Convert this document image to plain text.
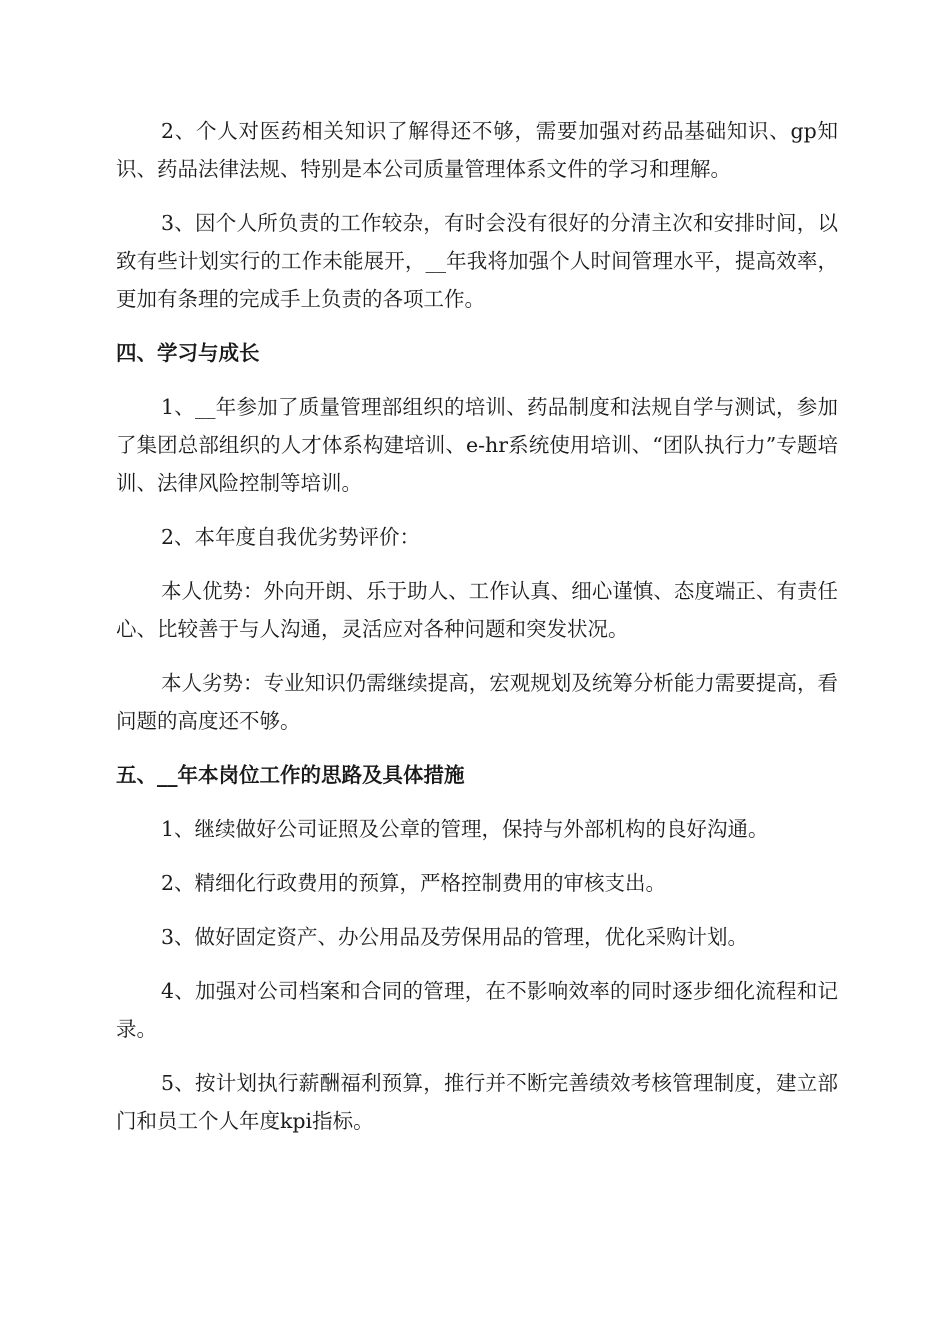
2、个人对医药相关知识了解得还不够，需要加强对药品基础知识、gp知识、药品法律法规、特别是本公司质量管理体系文件的学习和理解。

3、因个人所负责的工作较杂，有时会没有很好的分清主次和安排时间，以致有些计划实行的工作未能展开，__年我将加强个人时间管理水平，提高效率，更加有条理的完成手上负责的各项工作。

四、学习与成长

1、__年参加了质量管理部组织的培训、药品制度和法规自学与测试，参加了集团总部组织的人才体系构建培训、e-hr系统使用培训、“团队执行力”专题培训、法律风险控制等培训。

2、本年度自我优劣势评价：

本人优势：外向开朗、乐于助人、工作认真、细心谨慎、态度端正、有责任心、比较善于与人沟通，灵活应对各种问题和突发状况。

本人劣势：专业知识仍需继续提高，宏观规划及统筹分析能力需要提高，看问题的高度还不够。

五、__年本岗位工作的思路及具体措施

1、继续做好公司证照及公章的管理，保持与外部机构的良好沟通。

2、精细化行政费用的预算，严格控制费用的审核支出。

3、做好固定资产、办公用品及劳保用品的管理，优化采购计划。

4、加强对公司档案和合同的管理，在不影响效率的同时逐步细化流程和记录。

5、按计划执行薪酬福利预算，推行并不断完善绩效考核管理制度，建立部门和员工个人年度kpi指标。
